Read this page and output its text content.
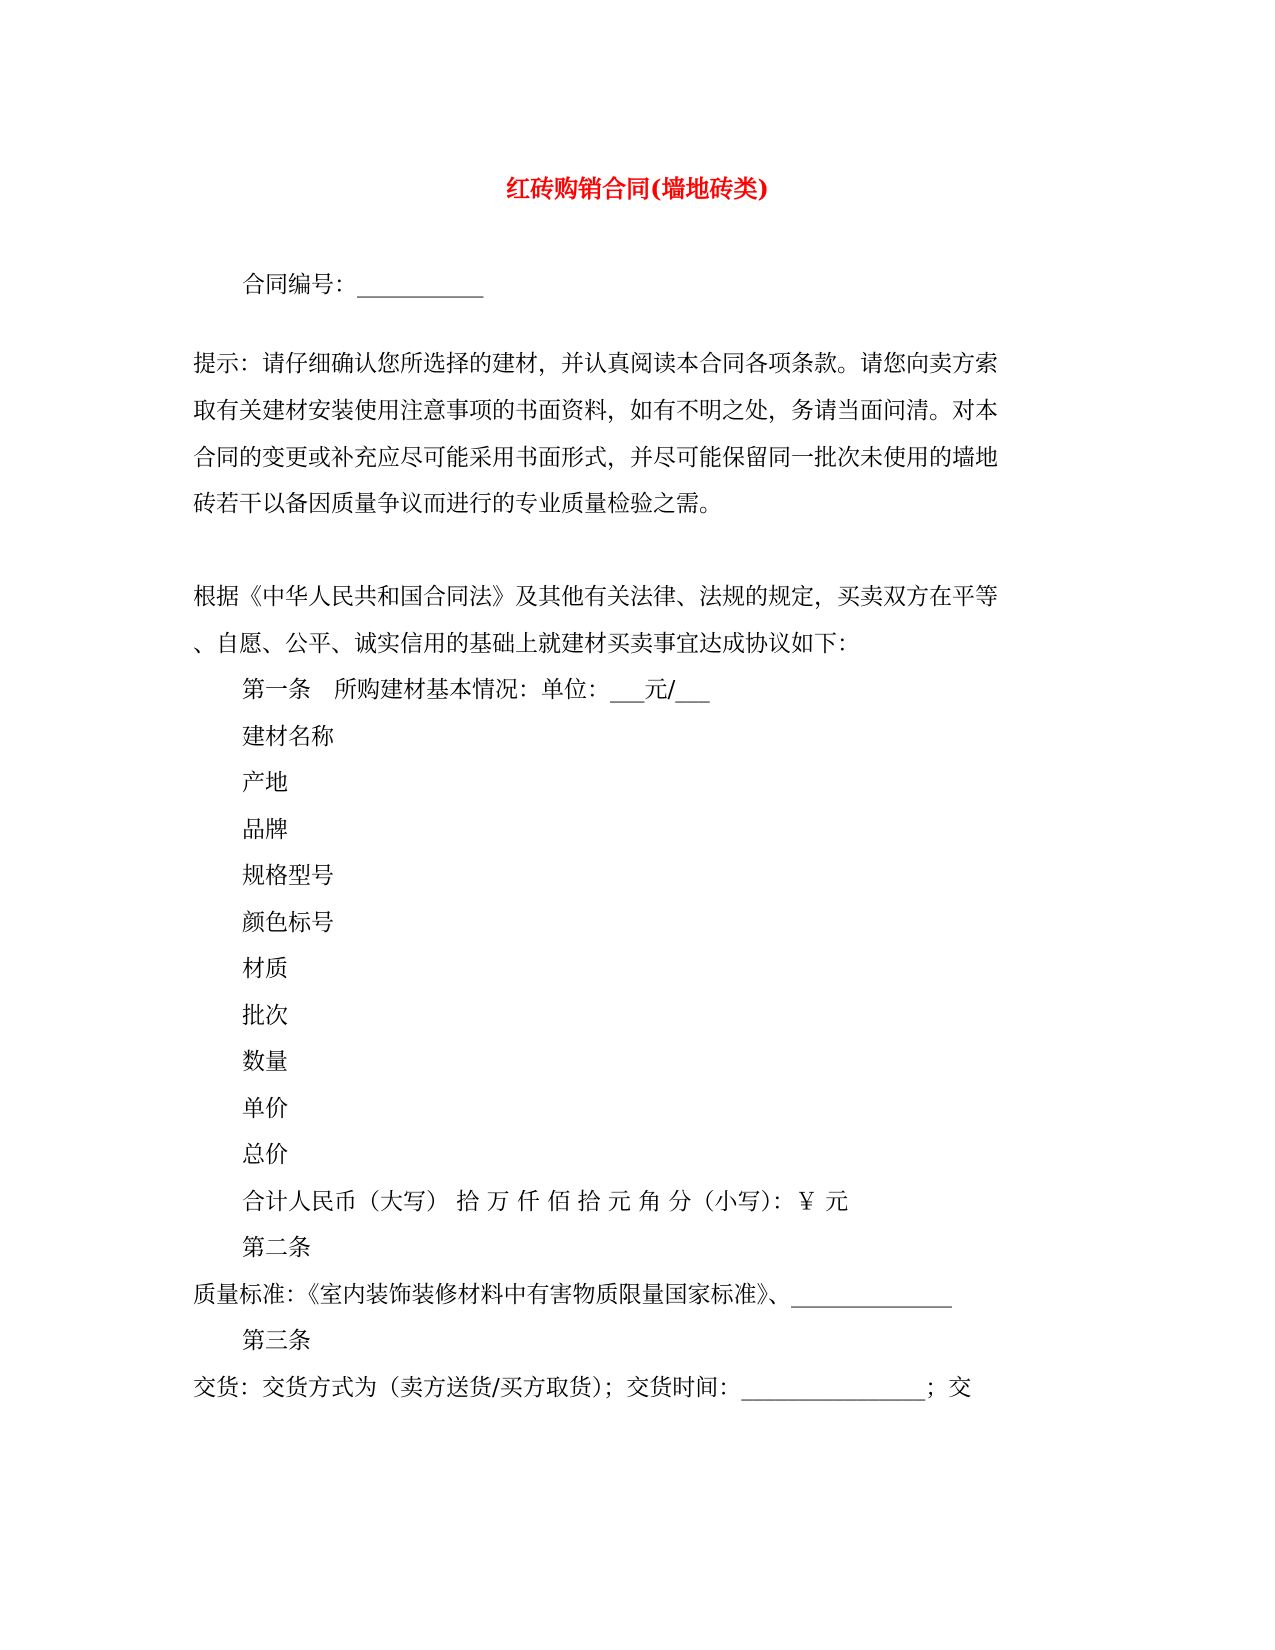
红砖购销合同(墙地砖类)

合同编号：___________

提示：请仔细确认您所选择的建材，并认真阅读本合同各项条款。请您向卖方索

取有关建材安装使用注意事项的书面资料，如有不明之处，务请当面问清。对本

合同的变更或补充应尽可能采用书面形式，并尽可能保留同一批次未使用的墙地

砖若干以备因质量争议而进行的专业质量检验之需。

根据《中华人民共和国合同法》及其他有关法律、法规的规定，买卖双方在平等

、自愿、公平、诚实信用的基础上就建材买卖事宜达成协议如下：

第一条　所购建材基本情况：单位：___元/___

建材名称

产地

品牌

规格型号

颜色标号

材质

批次

数量

单价

总价

合计人民币（大写） 拾 万 仟 佰 拾 元 角 分（小写）：￥ 元

第二条

质量标准：《室内装饰装修材料中有害物质限量国家标准》、______________

第三条

交货：交货方式为（卖方送货/买方取货）；交货时间：________________；交
